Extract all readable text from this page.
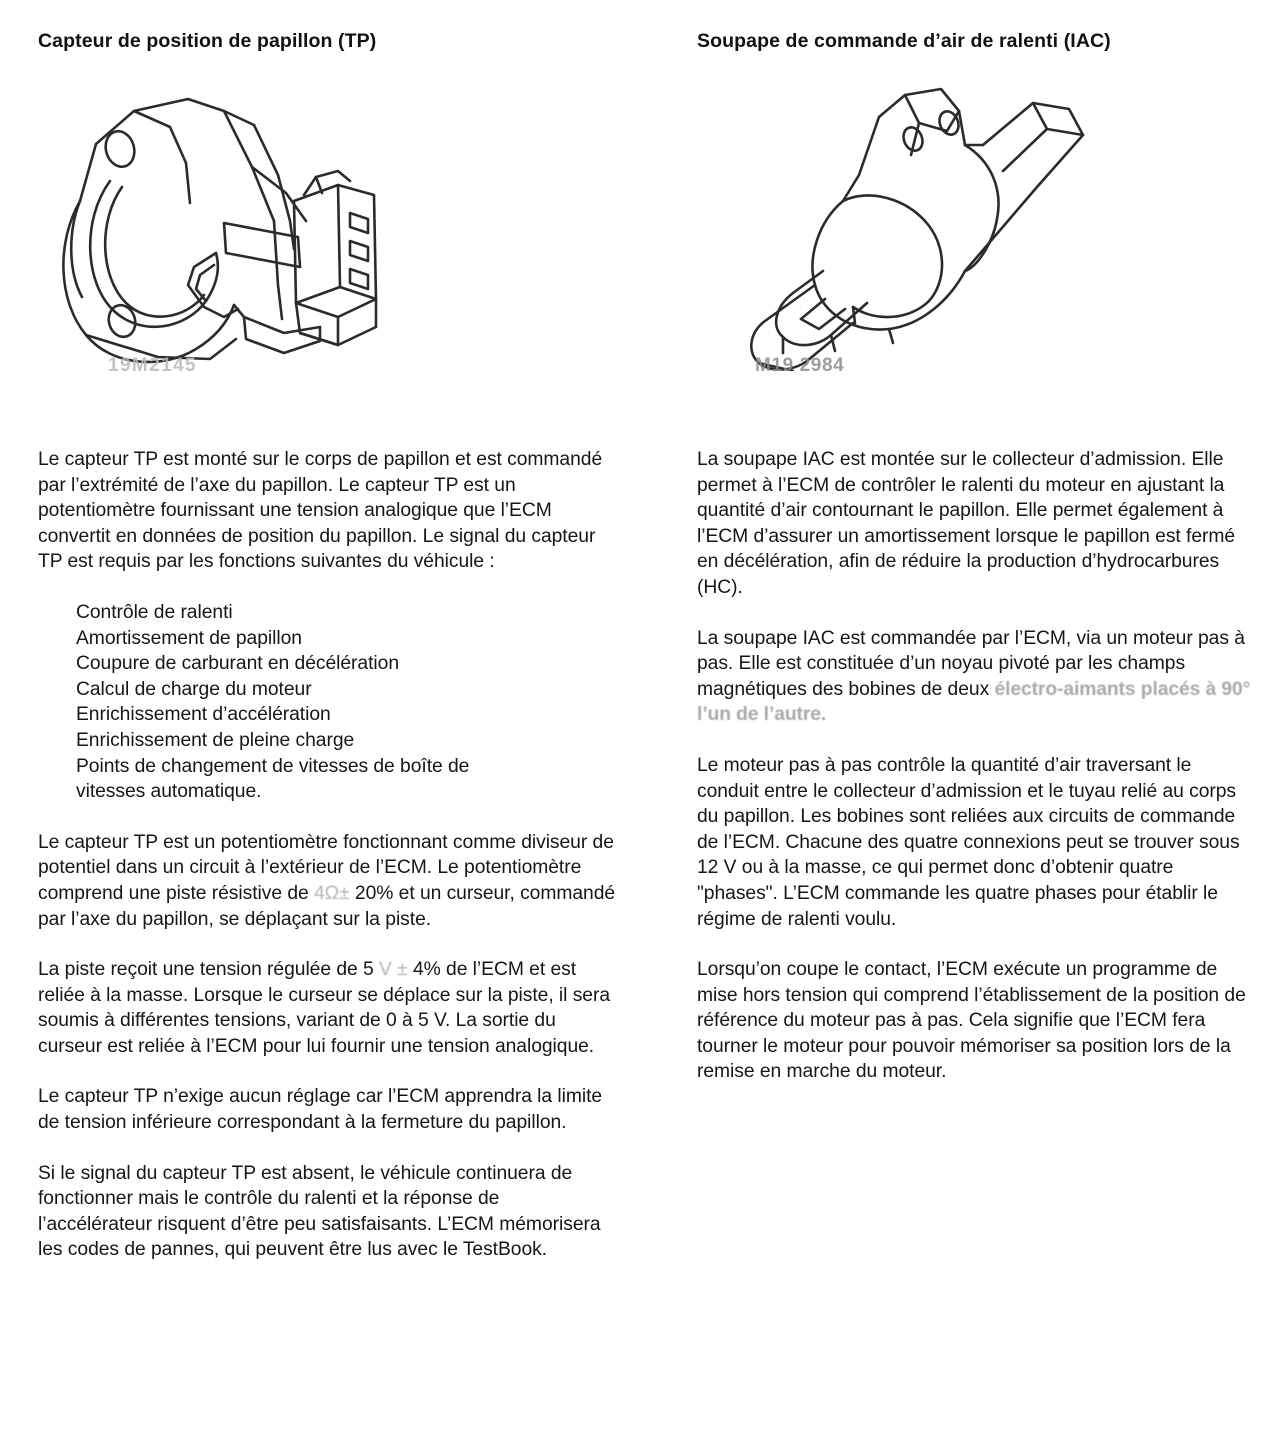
Capteur de position de papillon (TP)
19M2145

Le capteur TP est monté sur le corps de papillon et est commandé par l’extrémité de l’axe du papillon. Le capteur TP est un potentiomètre fournissant une tension analogique que l’ECM convertit en données de position du papillon. Le signal du capteur TP est requis par les fonctions suivantes du véhicule :

Contrôle de ralenti
Amortissement de papillon
Coupure de carburant en décélération
Calcul de charge du moteur
Enrichissement d’accélération
Enrichissement de pleine charge
Points de changement de vitesses de boîte de
vitesses automatique.

Le capteur TP est un potentiomètre fonctionnant comme diviseur de potentiel dans un circuit à l’extérieur de l’ECM. Le potentiomètre comprend une piste résistive de 4Ω± 20% et un curseur, commandé par l’axe du papillon, se déplaçant sur la piste.

La piste reçoit une tension régulée de 5 V ± 4% de l’ECM et est reliée à la masse. Lorsque le curseur se déplace sur la piste, il sera soumis à différentes tensions, variant de 0 à 5 V. La sortie du curseur est reliée à l’ECM pour lui fournir une tension analogique.

Le capteur TP n’exige aucun réglage car l’ECM apprendra la limite de tension inférieure correspondant à la fermeture du papillon.

Si le signal du capteur TP est absent, le véhicule continuera de fonctionner mais le contrôle du ralenti et la réponse de l’accélérateur risquent d’être peu satisfaisants. L’ECM mémorisera les codes de pannes, qui peuvent être lus avec le TestBook.

Soupape de commande d’air de ralenti (IAC)
M19 2984

La soupape IAC est montée sur le collecteur d’admission. Elle permet à l’ECM de contrôler le ralenti du moteur en ajustant la quantité d’air contournant le papillon. Elle permet également à l’ECM d’assurer un amortissement lorsque le papillon est fermé en décélération, afin de réduire la production d’hydrocarbures (HC).

La soupape IAC est commandée par l’ECM, via un moteur pas à pas. Elle est constituée d’un noyau pivoté par les champs magnétiques des bobines de deux électro-aimants placés à 90° l’un de l’autre.

Le moteur pas à pas contrôle la quantité d’air traversant le conduit entre le collecteur d’admission et le tuyau relié au corps du papillon. Les bobines sont reliées aux circuits de commande de l’ECM. Chacune des quatre connexions peut se trouver sous 12 V ou à la masse, ce qui permet donc d’obtenir quatre "phases". L’ECM commande les quatre phases pour établir le régime de ralenti voulu.

Lorsqu’on coupe le contact, l’ECM exécute un programme de mise hors tension qui comprend l’établissement de la position de référence du moteur pas à pas. Cela signifie que l’ECM fera tourner le moteur pour pouvoir mémoriser sa position lors de la remise en marche du moteur.
